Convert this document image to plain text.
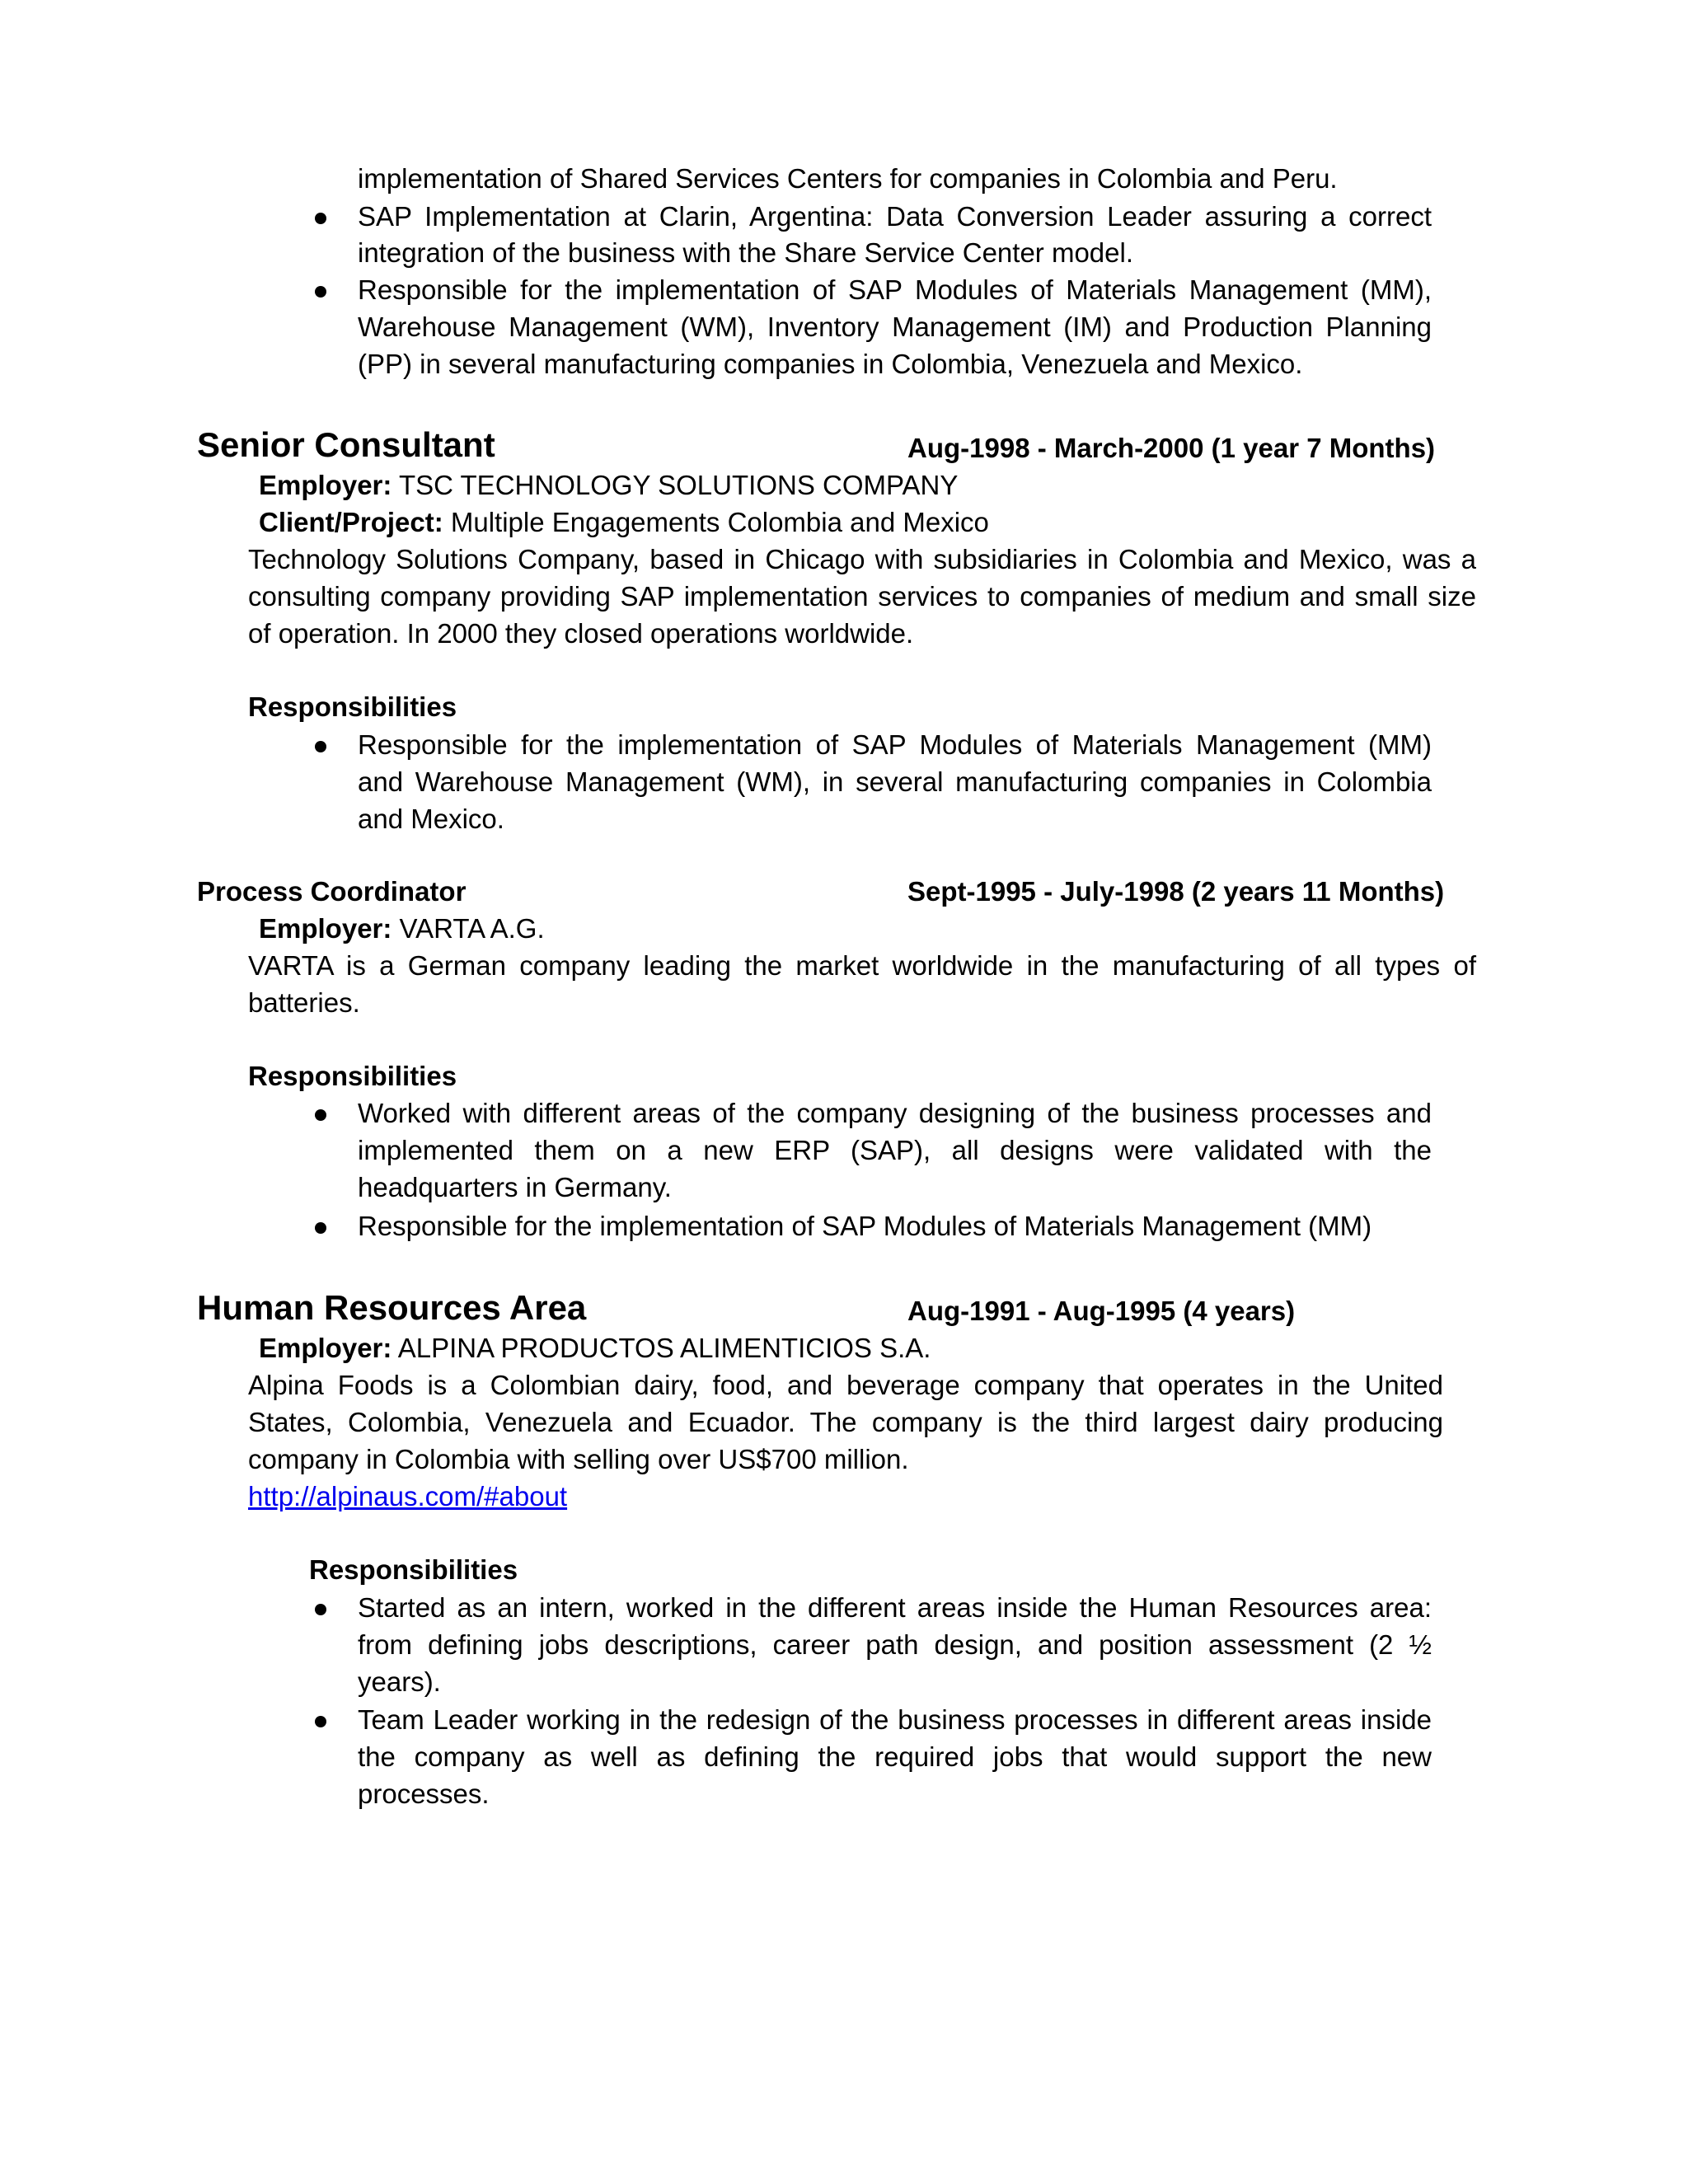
implementation of Shared Services Centers for companies in Colombia and Peru.
SAP Implementation at Clarin, Argentina: Data Conversion Leader assuring a correct
integration of the business with the Share Service Center model.
Responsible for the implementation of SAP Modules of Materials Management (MM),
Warehouse Management (WM), Inventory Management (IM) and Production Planning
(PP) in several manufacturing companies in Colombia, Venezuela and Mexico.
Senior Consultant	Aug-1998 - March-2000 (1 year 7 Months)
Employer: TSC TECHNOLOGY SOLUTIONS COMPANY
Client/Project: Multiple Engagements Colombia and Mexico
Technology Solutions Company, based in Chicago with subsidiaries in Colombia and Mexico, was a
consulting company providing SAP implementation services to companies of medium and small size
of operation. In 2000 they closed operations worldwide.
Responsibilities
Responsible for the implementation of SAP Modules of Materials Management (MM)
and Warehouse Management (WM), in several manufacturing companies in Colombia
and Mexico.
Process Coordinator	Sept-1995 - July-1998 (2 years 11 Months)
Employer: VARTA A.G.
VARTA is a German company leading the market worldwide in the manufacturing of all types of
batteries.
Responsibilities
Worked with different areas of the company designing of the business processes and
implemented them on a new ERP (SAP), all designs were validated with the
headquarters in Germany.
Responsible for the implementation of SAP Modules of Materials Management (MM)
Human Resources Area	Aug-1991 - Aug-1995 (4 years)
Employer: ALPINA PRODUCTOS ALIMENTICIOS S.A.
Alpina Foods is a Colombian dairy, food, and beverage company that operates in the United
States, Colombia, Venezuela and Ecuador. The company is the third largest dairy producing
company in Colombia with selling over US$700 million.
http://alpinaus.com/#about
Responsibilities
Started as an intern, worked in the different areas inside the Human Resources area:
from defining jobs descriptions, career path design, and position assessment (2 ½
years).
Team Leader working in the redesign of the business processes in different areas inside
the company as well as defining the required jobs that would support the new
processes.
